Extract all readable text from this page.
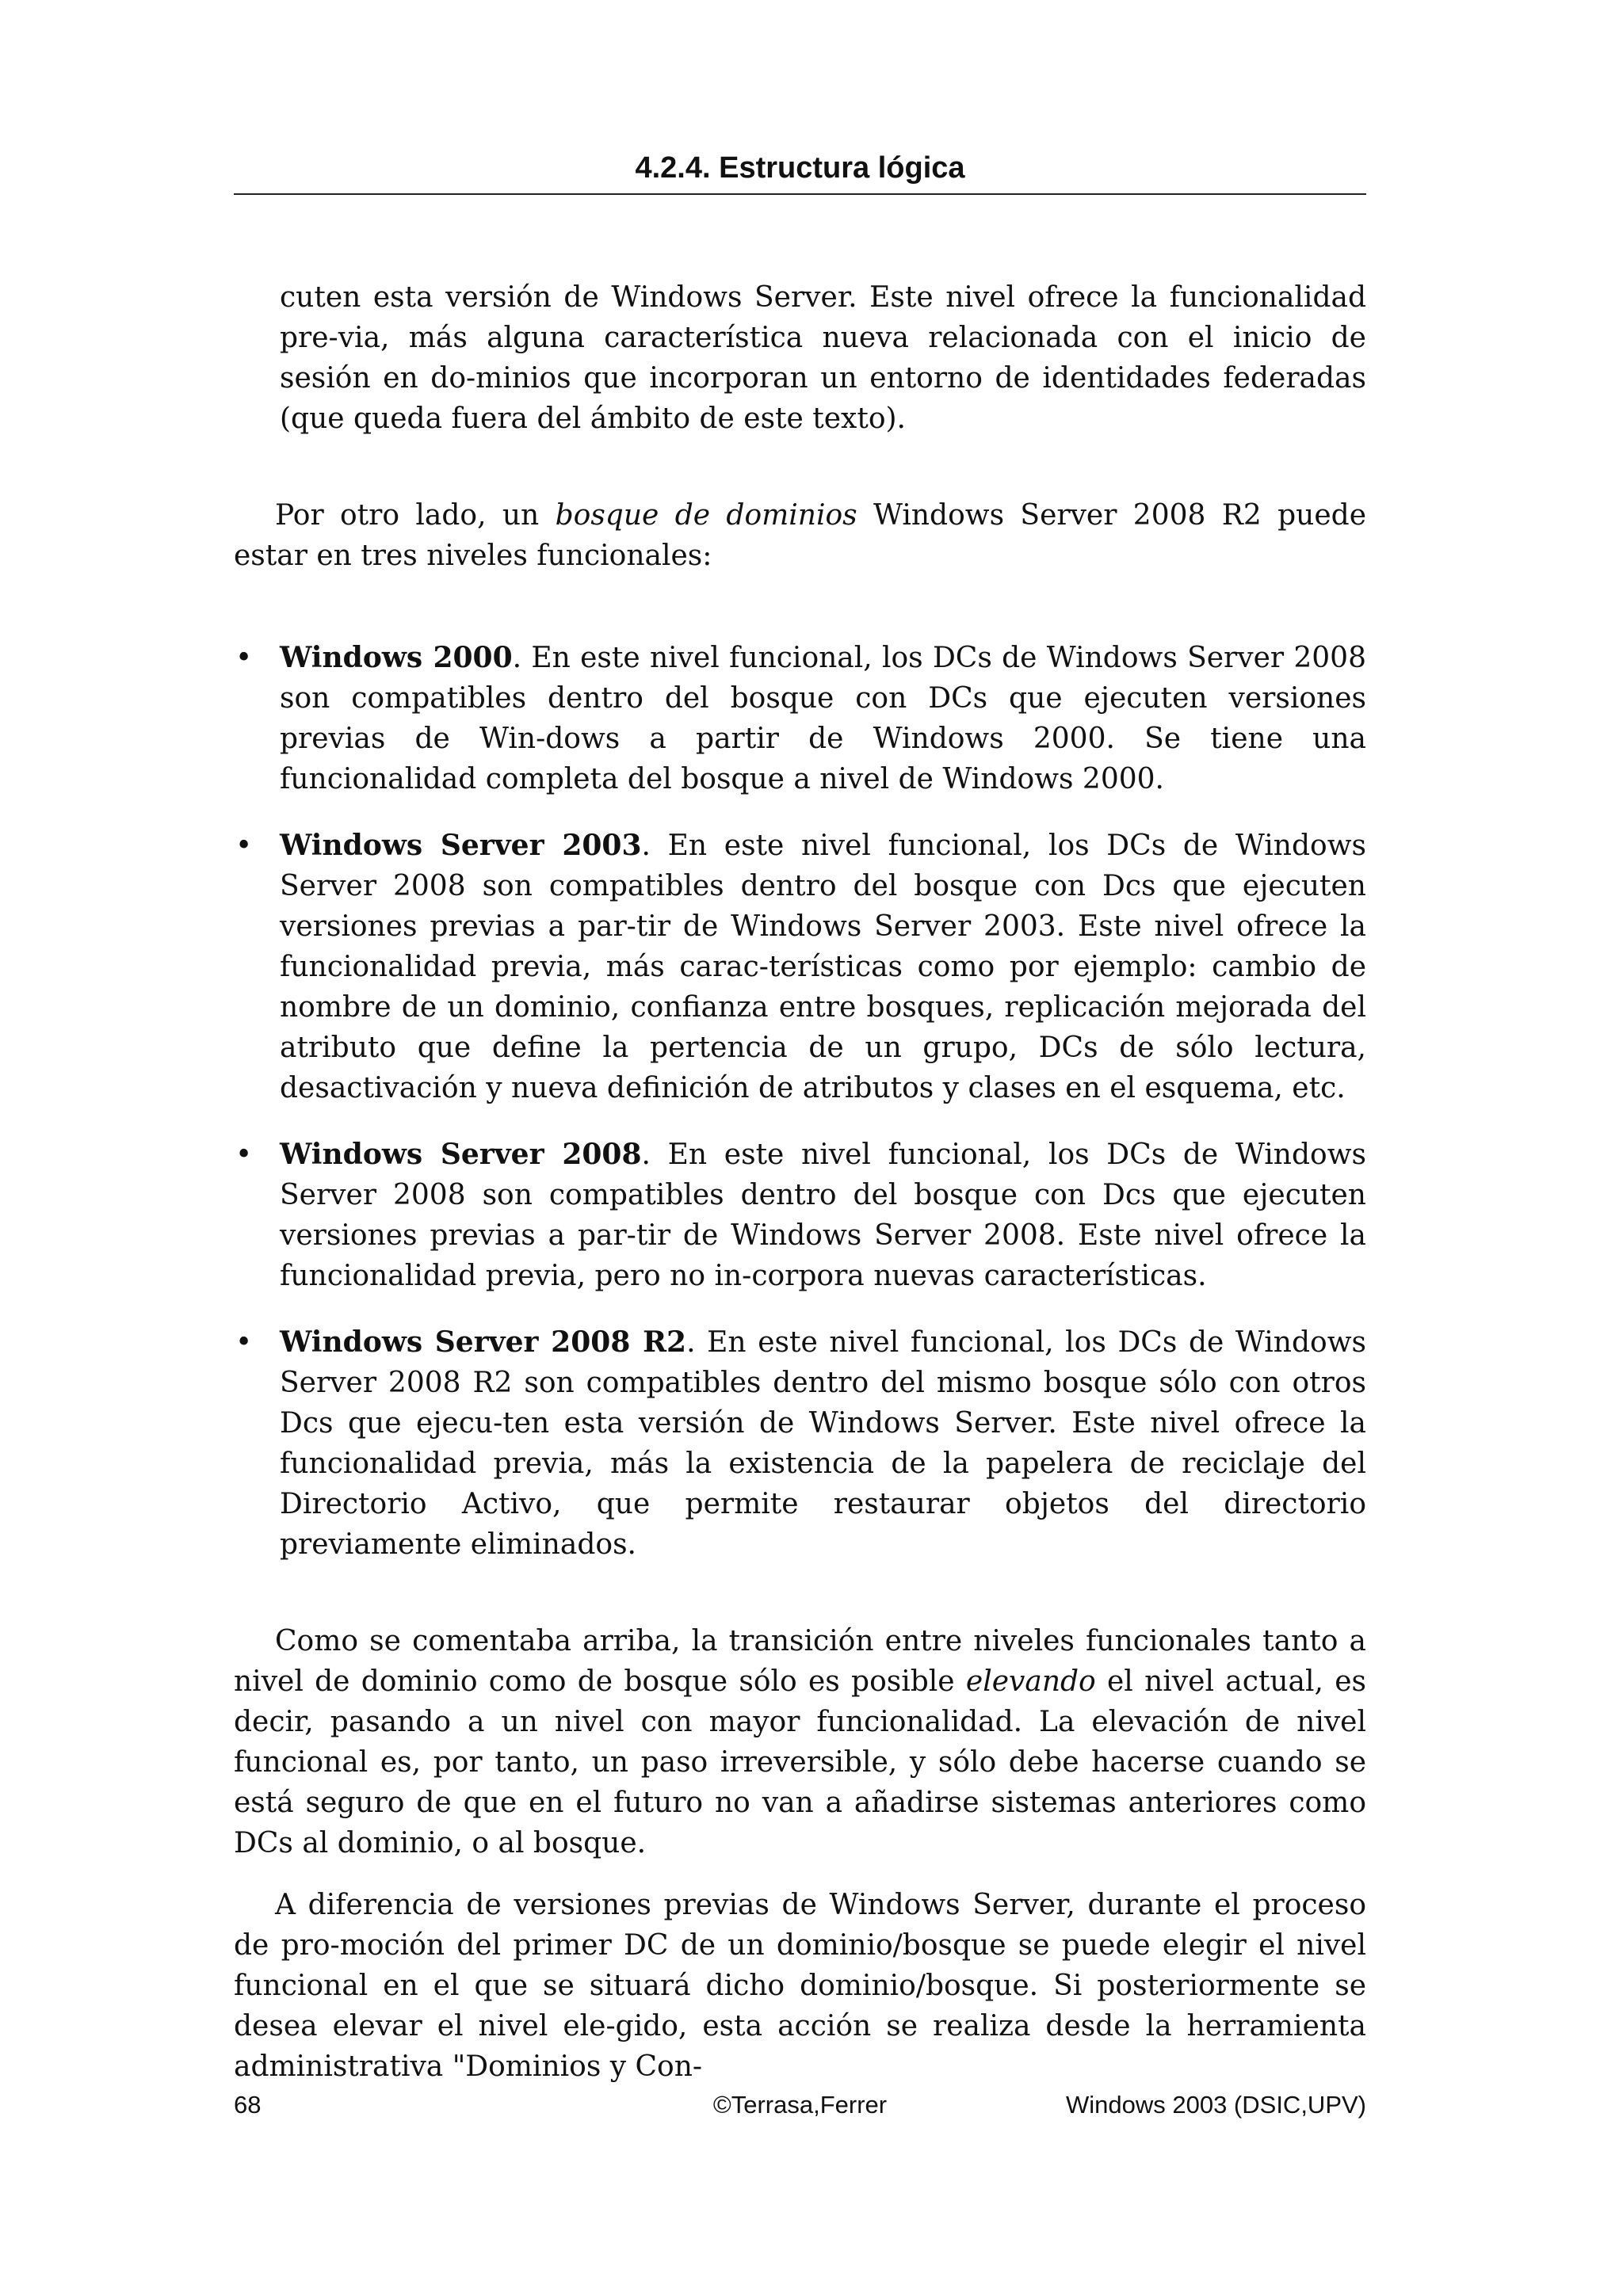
4.2.4. Estructura lógica

cuten esta versión de Windows Server. Este nivel ofrece la funcionalidad pre-via, más alguna característica nueva relacionada con el inicio de sesión en do-minios que incorporan un entorno de identidades federadas (que queda fuera del ámbito de este texto).

Por otro lado, un bosque de dominios Windows Server 2008 R2 puede estar en tres niveles funcionales:

• Windows 2000. En este nivel funcional, los DCs de Windows Server 2008 son compatibles dentro del bosque con DCs que ejecuten versiones previas de Win-dows a partir de Windows 2000. Se tiene una funcionalidad completa del bosque a nivel de Windows 2000.
• Windows Server 2003. En este nivel funcional, los DCs de Windows Server 2008 son compatibles dentro del bosque con Dcs que ejecuten versiones previas a par-tir de Windows Server 2003. Este nivel ofrece la funcionalidad previa, más carac-terísticas como por ejemplo: cambio de nombre de un dominio, confianza entre bosques, replicación mejorada del atributo que define la pertencia de un grupo, DCs de sólo lectura, desactivación y nueva definición de atributos y clases en el esquema, etc.
• Windows Server 2008. En este nivel funcional, los DCs de Windows Server 2008 son compatibles dentro del bosque con Dcs que ejecuten versiones previas a par-tir de Windows Server 2008. Este nivel ofrece la funcionalidad previa, pero no in-corpora nuevas características.
• Windows Server 2008 R2. En este nivel funcional, los DCs de Windows Server 2008 R2 son compatibles dentro del mismo bosque sólo con otros Dcs que ejecu-ten esta versión de Windows Server. Este nivel ofrece la funcionalidad previa, más la existencia de la papelera de reciclaje del Directorio Activo, que permite restaurar objetos del directorio previamente eliminados.

Como se comentaba arriba, la transición entre niveles funcionales tanto a nivel de dominio como de bosque sólo es posible elevando el nivel actual, es decir, pasando a un nivel con mayor funcionalidad. La elevación de nivel funcional es, por tanto, un paso irreversible, y sólo debe hacerse cuando se está seguro de que en el futuro no van a añadirse sistemas anteriores como DCs al dominio, o al bosque.

A diferencia de versiones previas de Windows Server, durante el proceso de pro-moción del primer DC de un dominio/bosque se puede elegir el nivel funcional en el que se situará dicho dominio/bosque. Si posteriormente se desea elevar el nivel ele-gido, esta acción se realiza desde la herramienta administrativa "Dominios y Con-

68	©Terrasa,Ferrer	Windows 2003 (DSIC,UPV)
